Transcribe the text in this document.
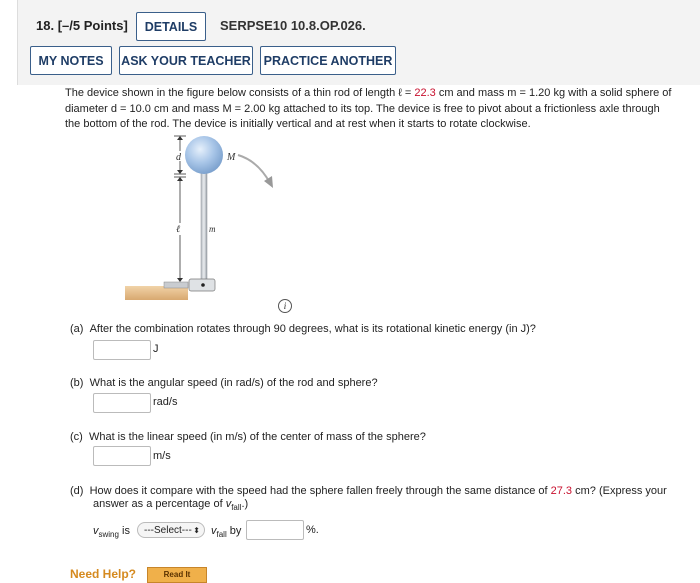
18. [–/5 Points]	DETAILS	SERPSE10 10.8.OP.026.
MY NOTES	ASK YOUR TEACHER PRACTICE ANOTHER
The device shown in the figure below consists of a thin rod of length ℓ = 22.3 cm and mass m = 1.20 kg with a solid sphere of diameter d = 10.0 cm and mass M = 2.00 kg attached to its top. The device is free to pivot about a frictionless axle through the bottom of the rod. The device is initially vertical and at rest when it starts to rotate clockwise.
d	M
ℓ	m
i
(a) After the combination rotates through 90 degrees, what is its rotational kinetic energy (in J)?
J
(b) What is the angular speed (in rad/s) of the rod and sphere?
rad/s
(c) What is the linear speed (in m/s) of the center of mass of the sphere?
m/s
(d) How does it compare with the speed had the sphere fallen freely through the same distance of 27.3 cm? (Express your
answer as a percentage of $v_{fall}$.)
$v_{swing}$ is	---Select--- ⬍ $v_{fall}$ by	%.
Need Help?	Read It
